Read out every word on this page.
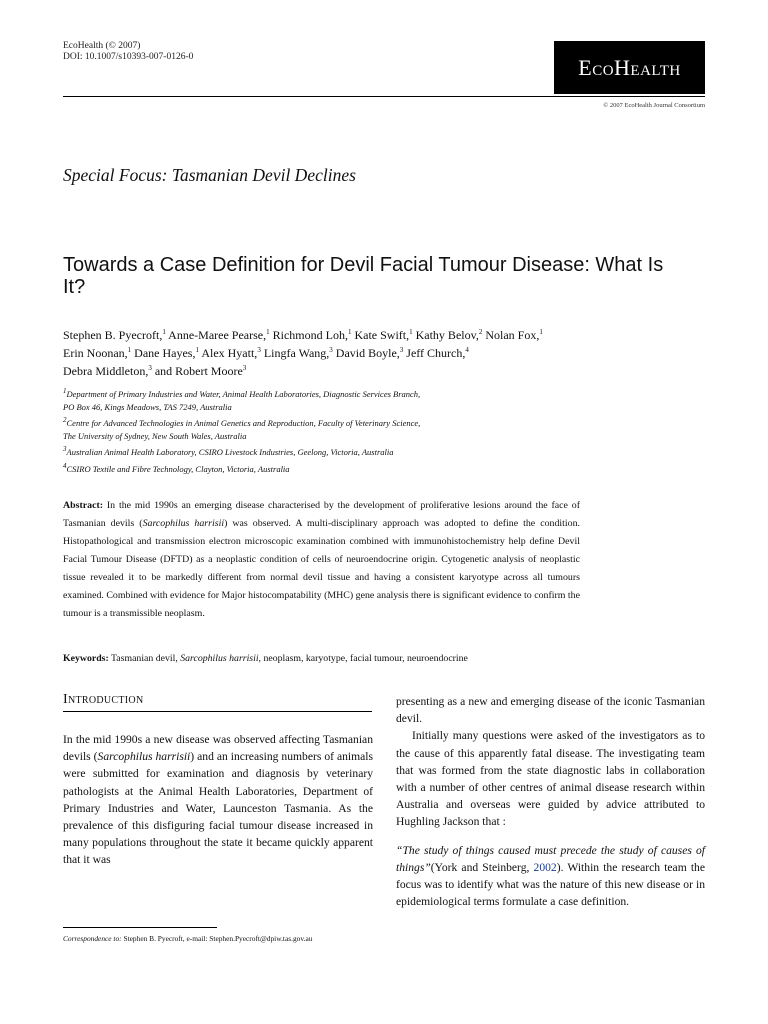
EcoHealth (© 2007)
DOI: 10.1007/s10393-007-0126-0	EcoHealth
© 2007 EcoHealth Journal Consortium
Special Focus: Tasmanian Devil Declines
Towards a Case Definition for Devil Facial Tumour Disease: What Is It?
Stephen B. Pyecroft,$^1$ Anne-Maree Pearse,$^1$ Richmond Loh,$^1$ Kate Swift,$^1$ Kathy Belov,$^2$ Nolan Fox,$^1$
Erin Noonan,$^1$ Dane Hayes,$^1$ Alex Hyatt,$^3$ Lingfa Wang,$^3$ David Boyle,$^3$ Jeff Church,$^4$
Debra Middleton,$^3$ and Robert Moore$^3$
$^1$Department of Primary Industries and Water, Animal Health Laboratories, Diagnostic Services Branch,
PO Box 46, Kings Meadows, TAS 7249, Australia
$^2$Centre for Advanced Technologies in Animal Genetics and Reproduction, Faculty of Veterinary Science,
The University of Sydney, New South Wales, Australia
$^3$Australian Animal Health Laboratory, CSIRO Livestock Industries, Geelong, Victoria, Australia
$^4$CSIRO Textile and Fibre Technology, Clayton, Victoria, Australia
Abstract: In the mid 1990s an emerging disease characterised by the development of proliferative lesions around the face of Tasmanian devils (Sarcophilus harrisii) was observed. A multi-disciplinary approach was adopted to define the condition. Histopathological and transmission electron microscopic examination combined with immunohistochemistry help define Devil Facial Tumour Disease (DFTD) as a neoplastic condition of cells of neuroendocrine origin. Cytogenetic analysis of neoplastic tissue revealed it to be markedly different from normal devil tissue and having a consistent karyotype across all tumours examined. Combined with evidence for Major histocompatability (MHC) gene analysis there is significant evidence to confirm the tumour is a transmissible neoplasm.
Keywords: Tasmanian devil, Sarcophilus harrisii, neoplasm, karyotype, facial tumour, neuroendocrine
Introduction
In the mid 1990s a new disease was observed affecting Tasmanian devils (Sarcophilus harrisii) and an increasing numbers of animals were submitted for examination and diagnosis by veterinary pathologists at the Animal Health Laboratories, Department of Primary Industries and Water, Launceston Tasmania. As the prevalence of this disfiguring facial tumour disease increased in many populations throughout the state it became quickly apparent that it was

presenting as a new and emerging disease of the iconic Tasmanian devil.

Initially many questions were asked of the investigators as to the cause of this apparently fatal disease. The investigating team that was formed from the state diagnostic labs in collaboration with a number of other centres of animal disease research within Australia and overseas were guided by advice attributed to Hughling Jackson that :

“The study of things caused must precede the study of causes of things”(York and Steinberg, 2002). Within the research team the focus was to identify what was the nature of this new disease or in epidemiological terms formulate a case definition.

Correspondence to: Stephen B. Pyecroft, e-mail: Stephen.Pyecroft@dpiw.tas.gov.au
